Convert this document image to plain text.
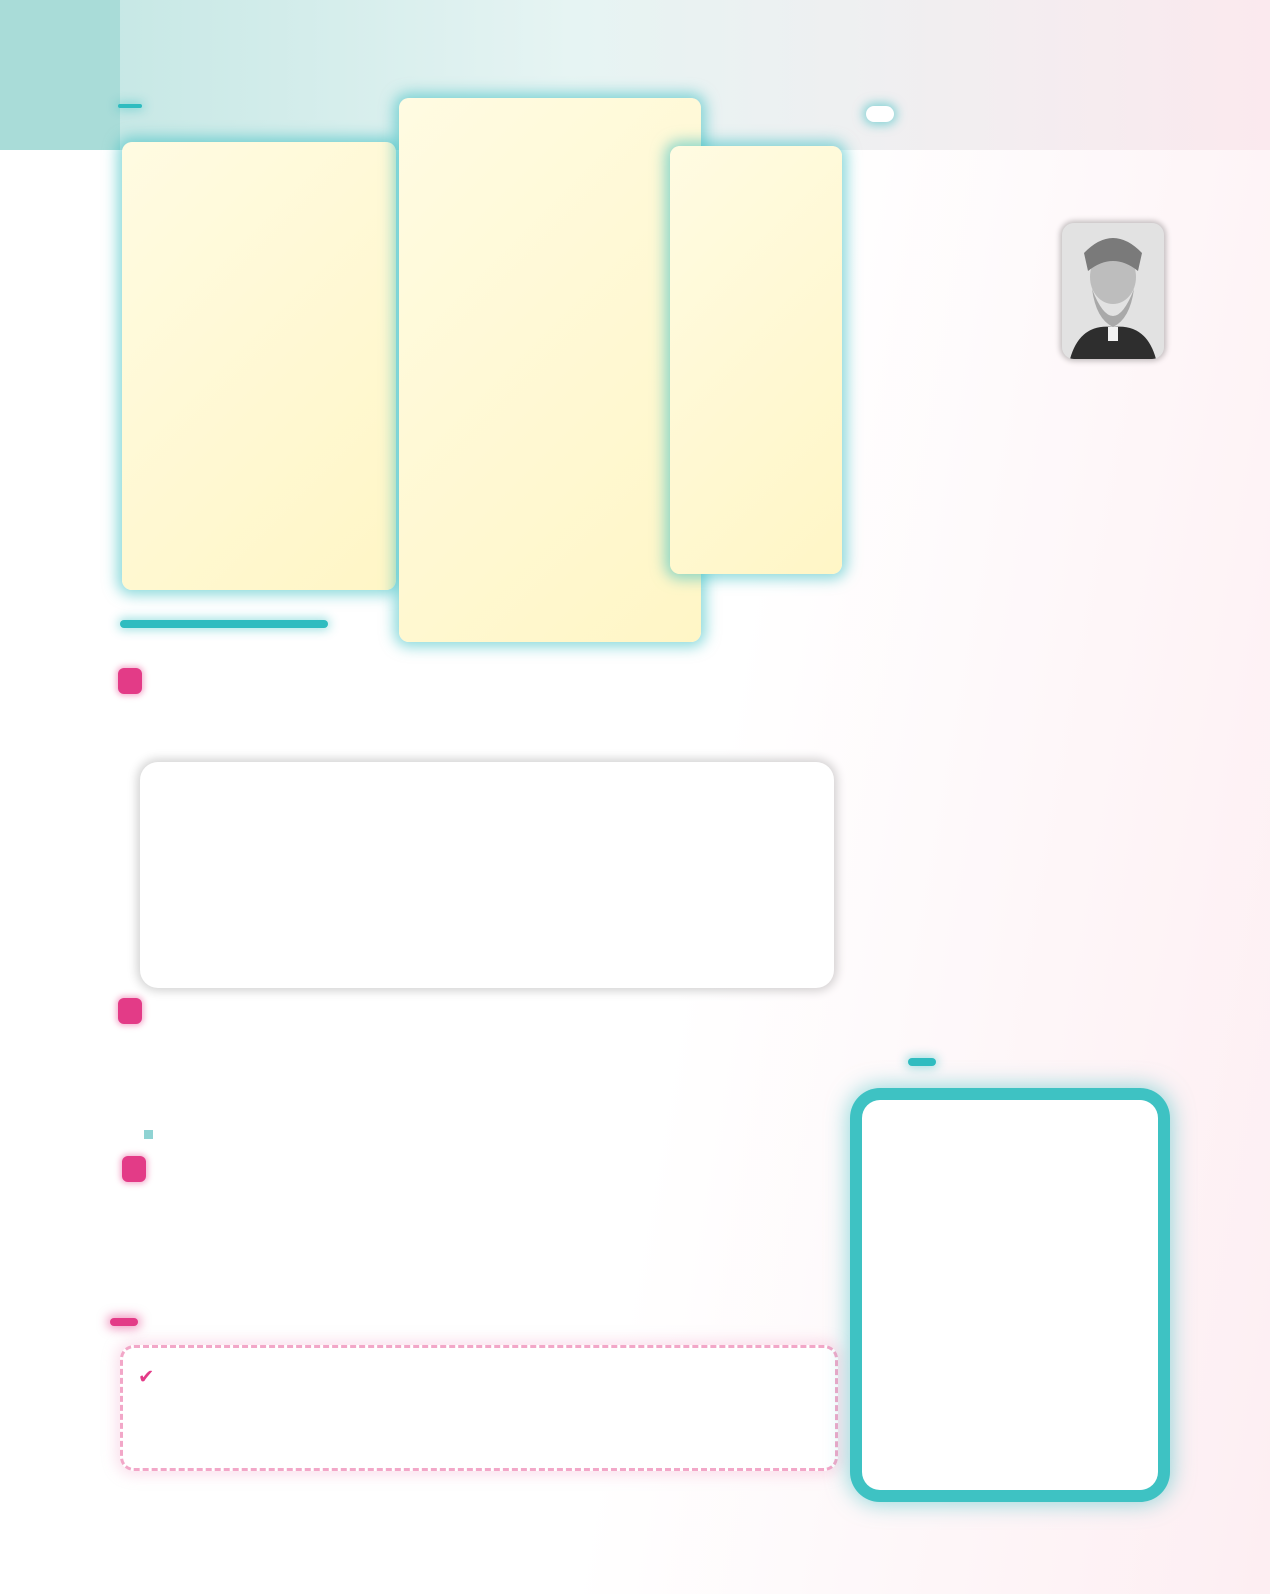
✔
